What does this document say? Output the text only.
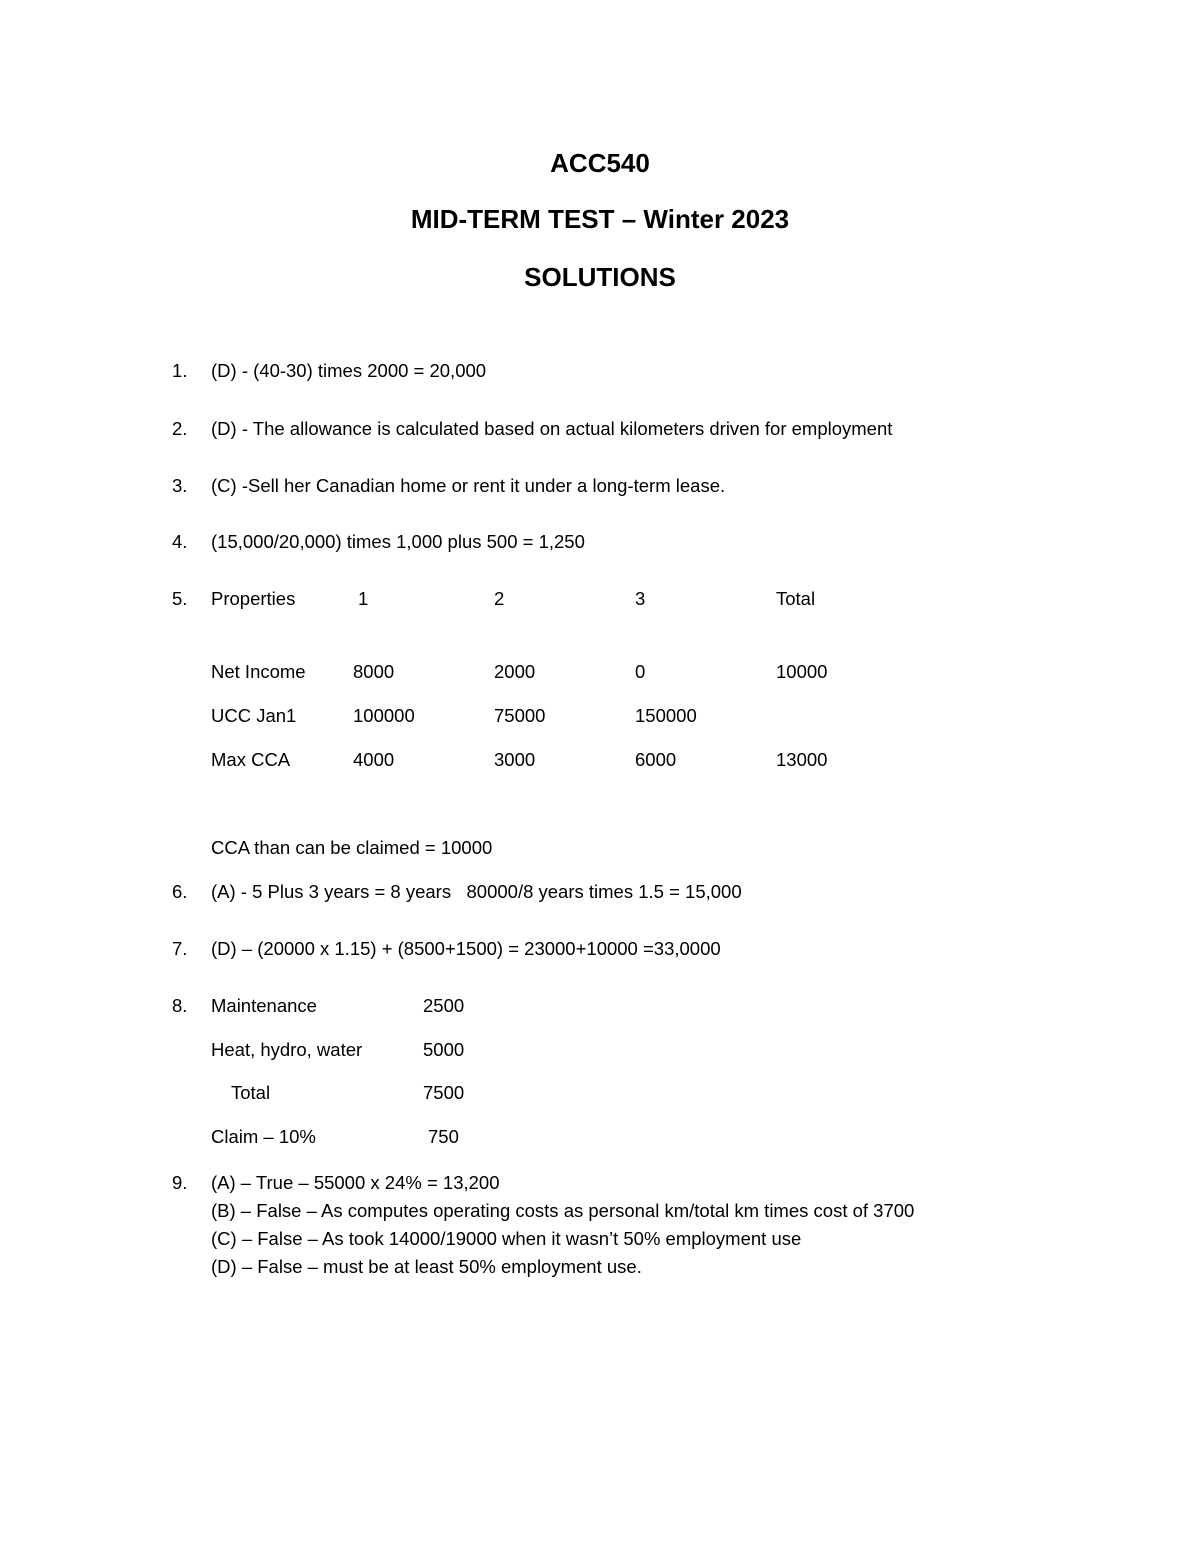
ACC540
MID-TERM TEST – Winter 2023
SOLUTIONS
1. (D) - (40-30) times 2000 = 20,000
2. (D) - The allowance is calculated based on actual kilometers driven for employment
3. (C) -Sell her Canadian home or rent it under a long-term lease.
4. (15,000/20,000) times 1,000 plus 500 = 1,250
5. Properties	1	2	3	Total
Net Income	8000	2000	0	10000
UCC Jan1	100000	75000	150000
Max CCA	4000	3000	6000	13000
CCA than can be claimed = 10000
6. (A) - 5 Plus 3 years = 8 years   80000/8 years times 1.5 = 15,000
7. (D) – (20000 x 1.15) + (8500+1500) = 23000+10000 =33,0000
8. Maintenance	2500
Heat, hydro, water	5000
Total	7500
Claim – 10%	750
9. (A) – True – 55000 x 24% = 13,200
(B) – False – As computes operating costs as personal km/total km times cost of 3700
(C) – False – As took 14000/19000 when it wasn’t 50% employment use
(D) – False – must be at least 50% employment use.
